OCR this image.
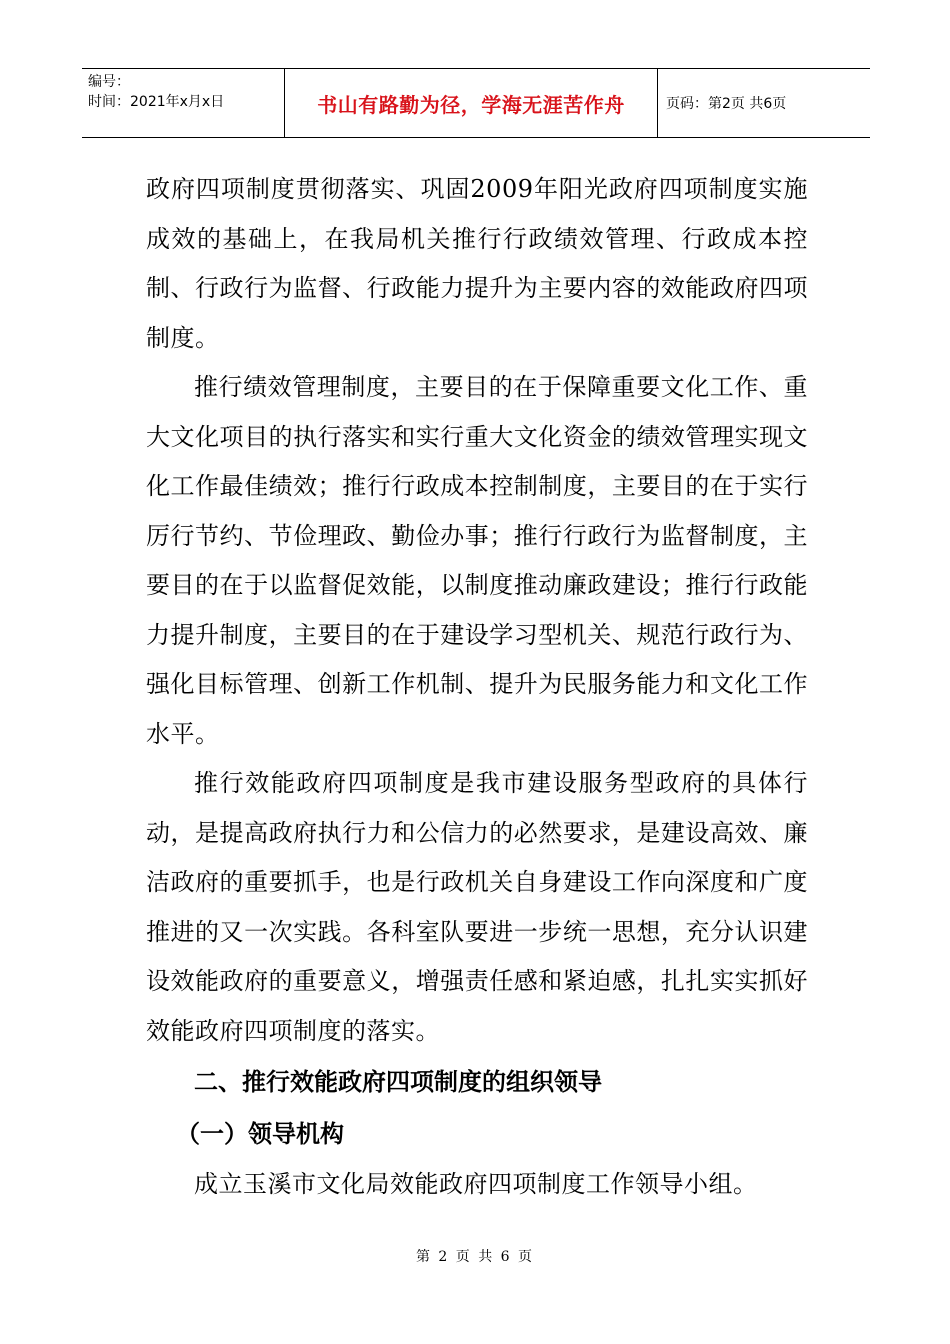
编号：
时间：2021年x月x日	书山有路勤为径，学海无涯苦作舟	页码：第2页 共6页

政府四项制度贯彻落实、巩固2009年阳光政府四项制度实施成效的基础上，在我局机关推行行政绩效管理、行政成本控制、行政行为监督、行政能力提升为主要内容的效能政府四项制度。

推行绩效管理制度，主要目的在于保障重要文化工作、重大文化项目的执行落实和实行重大文化资金的绩效管理实现文化工作最佳绩效；推行行政成本控制制度，主要目的在于实行厉行节约、节俭理政、勤俭办事；推行行政行为监督制度，主要目的在于以监督促效能，以制度推动廉政建设；推行行政能力提升制度，主要目的在于建设学习型机关、规范行政行为、强化目标管理、创新工作机制、提升为民服务能力和文化工作水平。

推行效能政府四项制度是我市建设服务型政府的具体行动，是提高政府执行力和公信力的必然要求，是建设高效、廉洁政府的重要抓手，也是行政机关自身建设工作向深度和广度推进的又一次实践。各科室队要进一步统一思想，充分认识建设效能政府的重要意义，增强责任感和紧迫感，扎扎实实抓好效能政府四项制度的落实。

二、推行效能政府四项制度的组织领导

（一）领导机构

成立玉溪市文化局效能政府四项制度工作领导小组。

第 2 页 共 6 页
